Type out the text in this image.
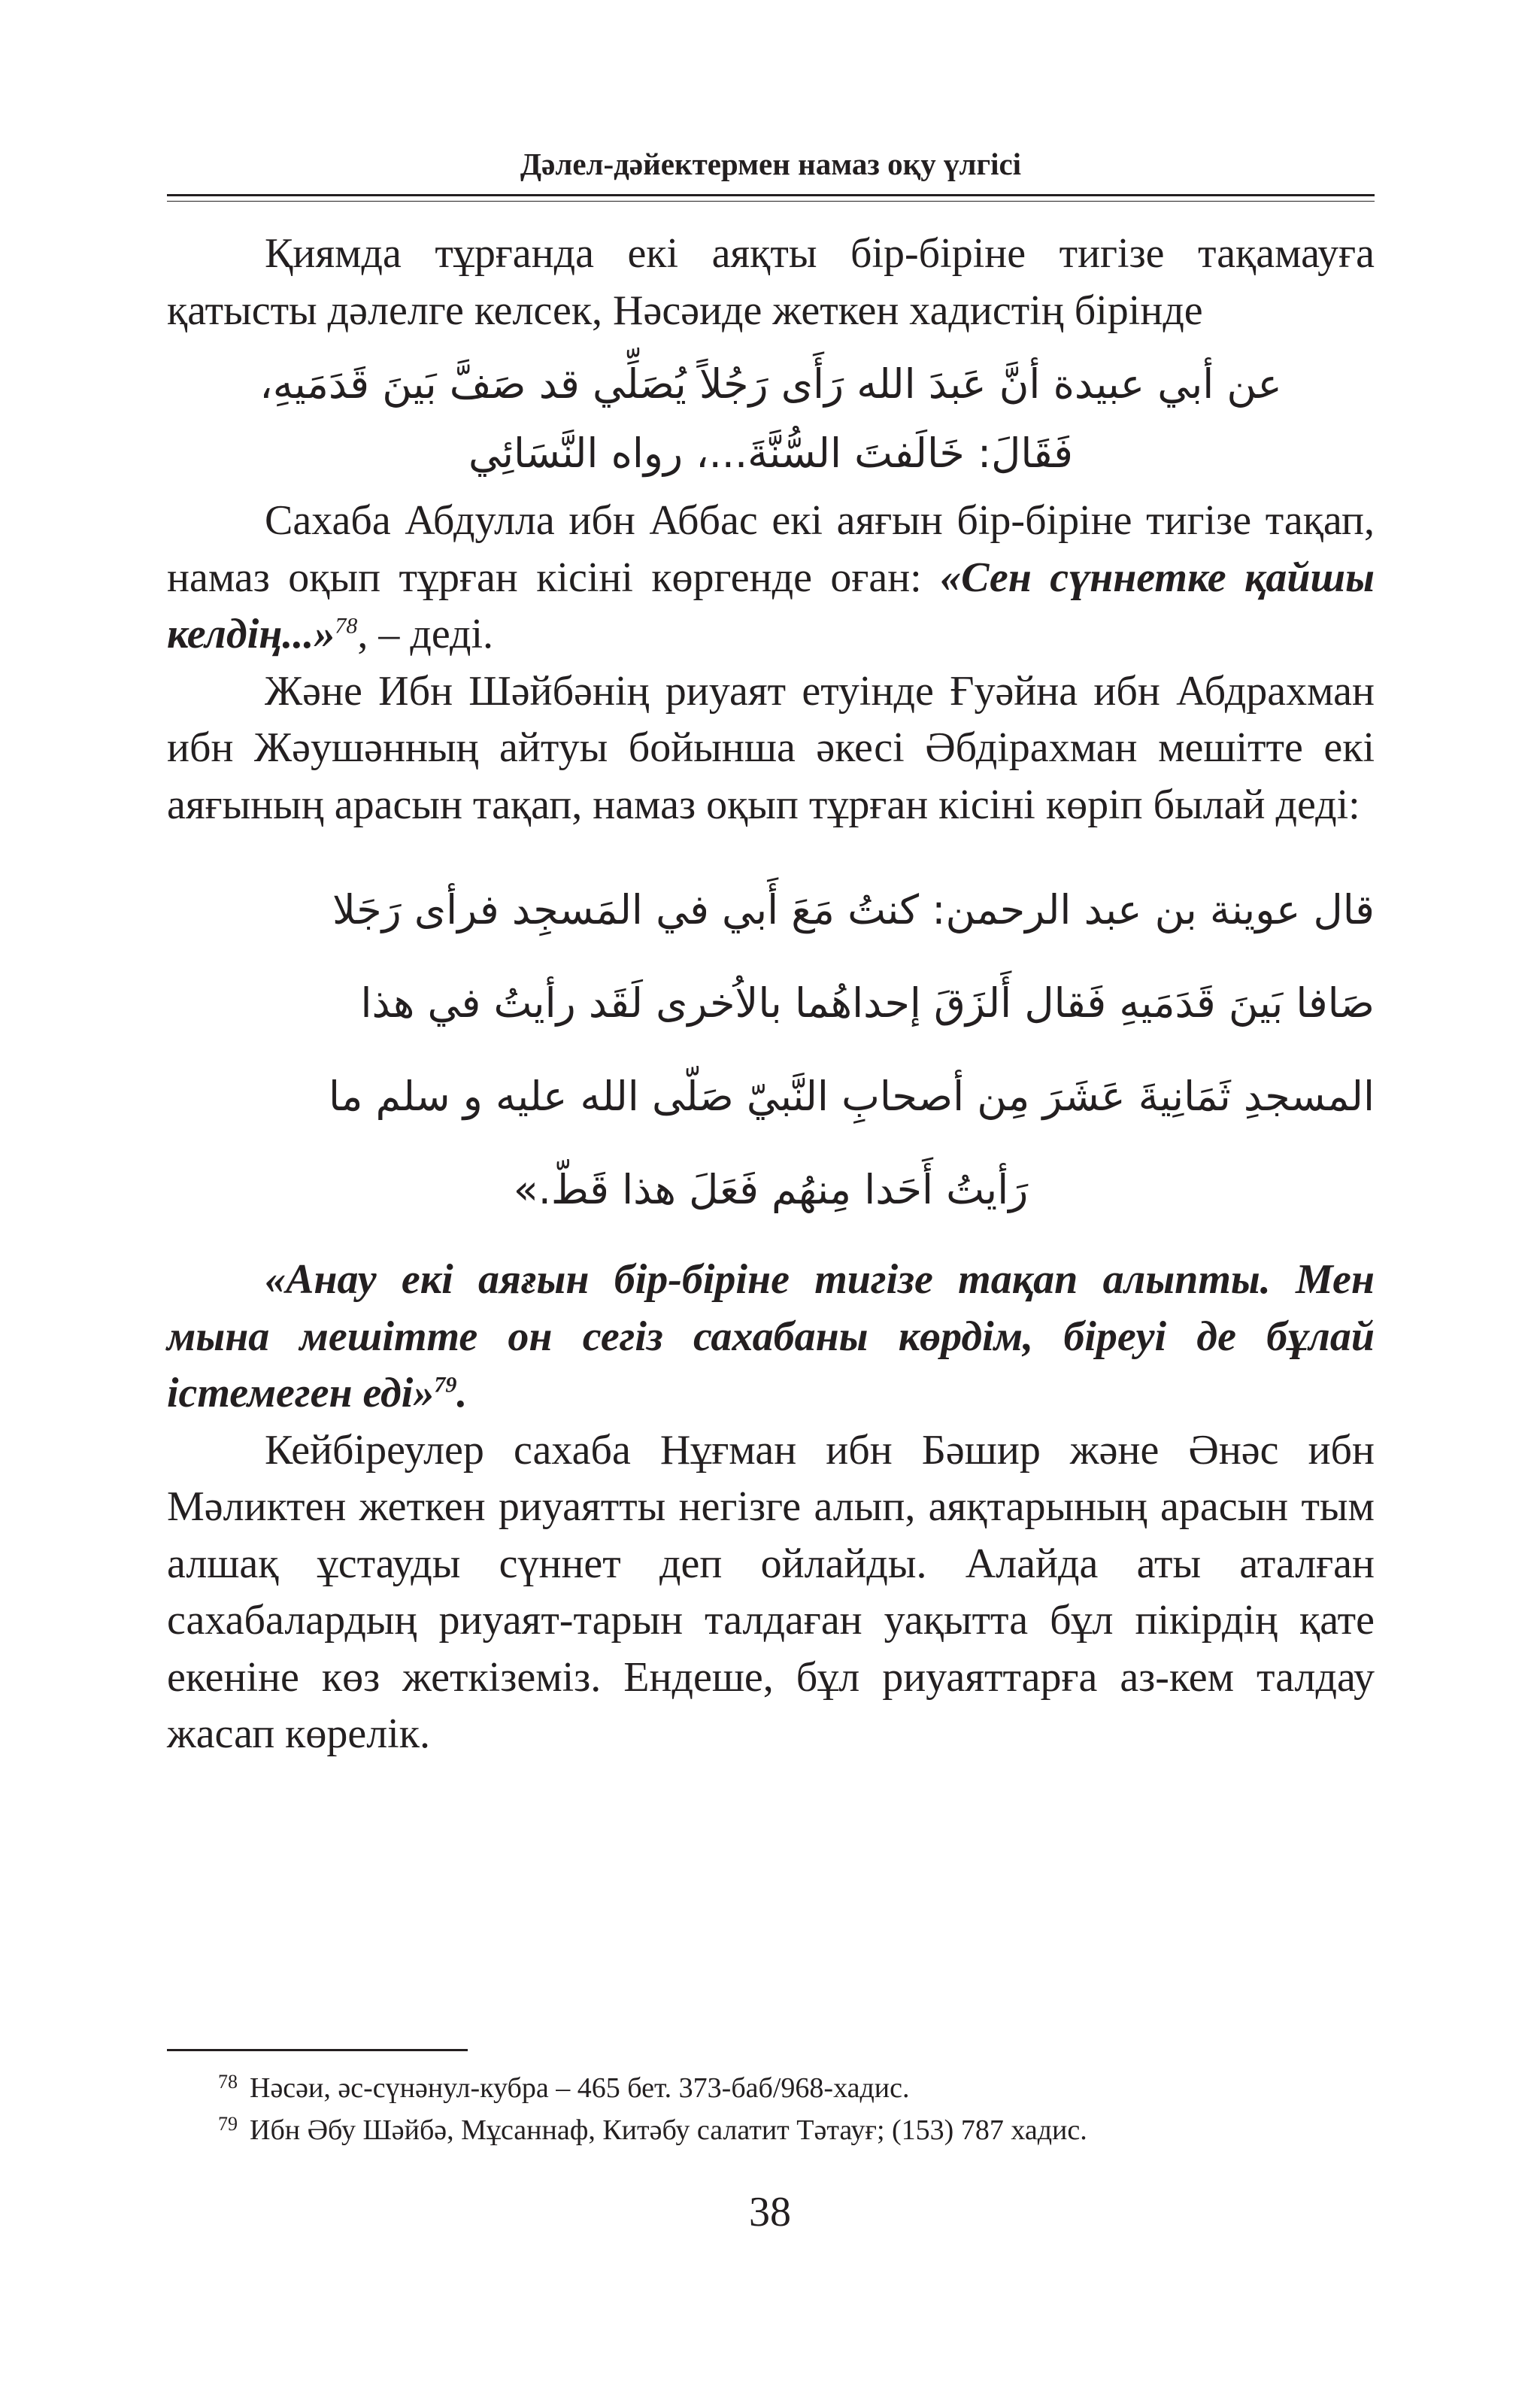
Дәлел-дәйектермен намаз оқу үлгісі

Қиямда тұрғанда екі аяқты бір-біріне тигізе тақамауға қатысты дәлелге келсек, Нәсәиде жеткен хадистің бірінде

عن أبي عبيدة أنَّ عَبدَ الله رَأَى رَجُلاً يُصَلِّي قد صَفَّ بَينَ قَدَمَيهِ،
فَقَالَ: خَالَفتَ السُّنَّةَ...، رواه النَّسَائِي

Сахаба Абдулла ибн Аббас екі аяғын бір-біріне тигізе тақап, намаз оқып тұрған кісіні көргенде оған: «Сен сүннетке қайшы келдің...»$^{78}$, – деді.

Және Ибн Шәйбәнің риуаят етуінде Ғуәйна ибн Абдрахман ибн Жәушәнның айтуы бойынша әкесі Әбдірахман мешітте екі аяғының арасын тақап, намаз оқып тұрған кісіні көріп былай деді:

قال عوينة بن عبد الرحمن: كنتُ مَعَ أَبي في المَسجِد فرأى رَجَلا
صَافا بَينَ قَدَمَيهِ فَقال أَلزَقَ إحداهُما بالاُخرى لَقَد رأيتُ في هذا
المسجدِ ثَمَانِيةَ عَشَرَ مِن أصحابِ النَّبيّ صَلّى الله عليه و سلم ما
رَأيتُ أَحَدا مِنهُم فَعَلَ هذا قَطّ.»

«Анау екі аяғын бір-біріне тигізе тақап алыпты. Мен мына мешітте он сегіз сахабаны көрдім, біреуі де бұлай істемеген еді»$^{79}$.

Кейбіреулер сахаба Нұғман ибн Бәшир және Әнәс ибн Мәликтен жеткен риуаятты негізге алып, аяқтарының арасын тым алшақ ұстауды сүннет деп ойлайды. Алайда аты аталған сахабалардың риуаят-тарын талдаған уақытта бұл пікірдің қате екеніне көз жеткіземіз. Ендеше, бұл риуаяттарға аз-кем талдау жасап көрелік.

78 Нәсәи, әс-сүнәнул-кубра – 465 бет. 373-баб/968-хадис.
79 Ибн Әбу Шәйбә, Мұсаннаф, Китәбу салатит Тәтауғ; (153) 787 хадис.
38
